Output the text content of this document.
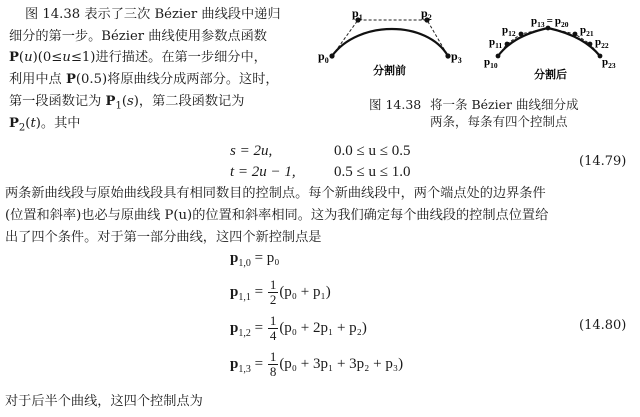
图 14.38 表示了三次 Bézier 曲线段中递归
细分的第一步。Bézier 曲线使用参数点函数
P(u)(0≤u≤1)进行描述。在第一步细分中，
利用中点 P(0.5)将原曲线分成两部分。这时，
第一段函数记为 $P_1(s)$，第二段函数记为
$P_2(t)$。其中
$p_0$
$p_1$	$p_2$
$p_3$
分割前
$p_{10}$
$p_{11}$
$p_{12}$
$p_{13} = p_{20}$ $p_{21}$
$p_{22}$
$p_{23}$
分割后
图 14.38 将一条 Bézier 曲线细分成
两条，每条有四个控制点
s = 2u,	0.0 ≤ u ≤ 0.5
t = 2u − 1,	0.5 ≤ u ≤ 1.0
(14.79)
两条新曲线段与原始曲线段具有相同数目的控制点。每个新曲线段中，两个端点处的边界条件
(位置和斜率)也必与原曲线 P(u)的位置和斜率相同。这为我们确定每个曲线段的控制点位置给
出了四个条件。对于第一部分曲线，这四个新控制点是
$p_{1,0} = p_0$
$p_{1,1} = \frac{1}{2} (p_0 + p_1)$
$p_{1,2} = \frac{1}{4} (p_0 + 2p_1 + p_2)$
$p_{1,3} = \frac{1}{8} (p_0 + 3p_1 + 3p_2 + p_3)$
(14.80)
对于后半个曲线，这四个控制点为
